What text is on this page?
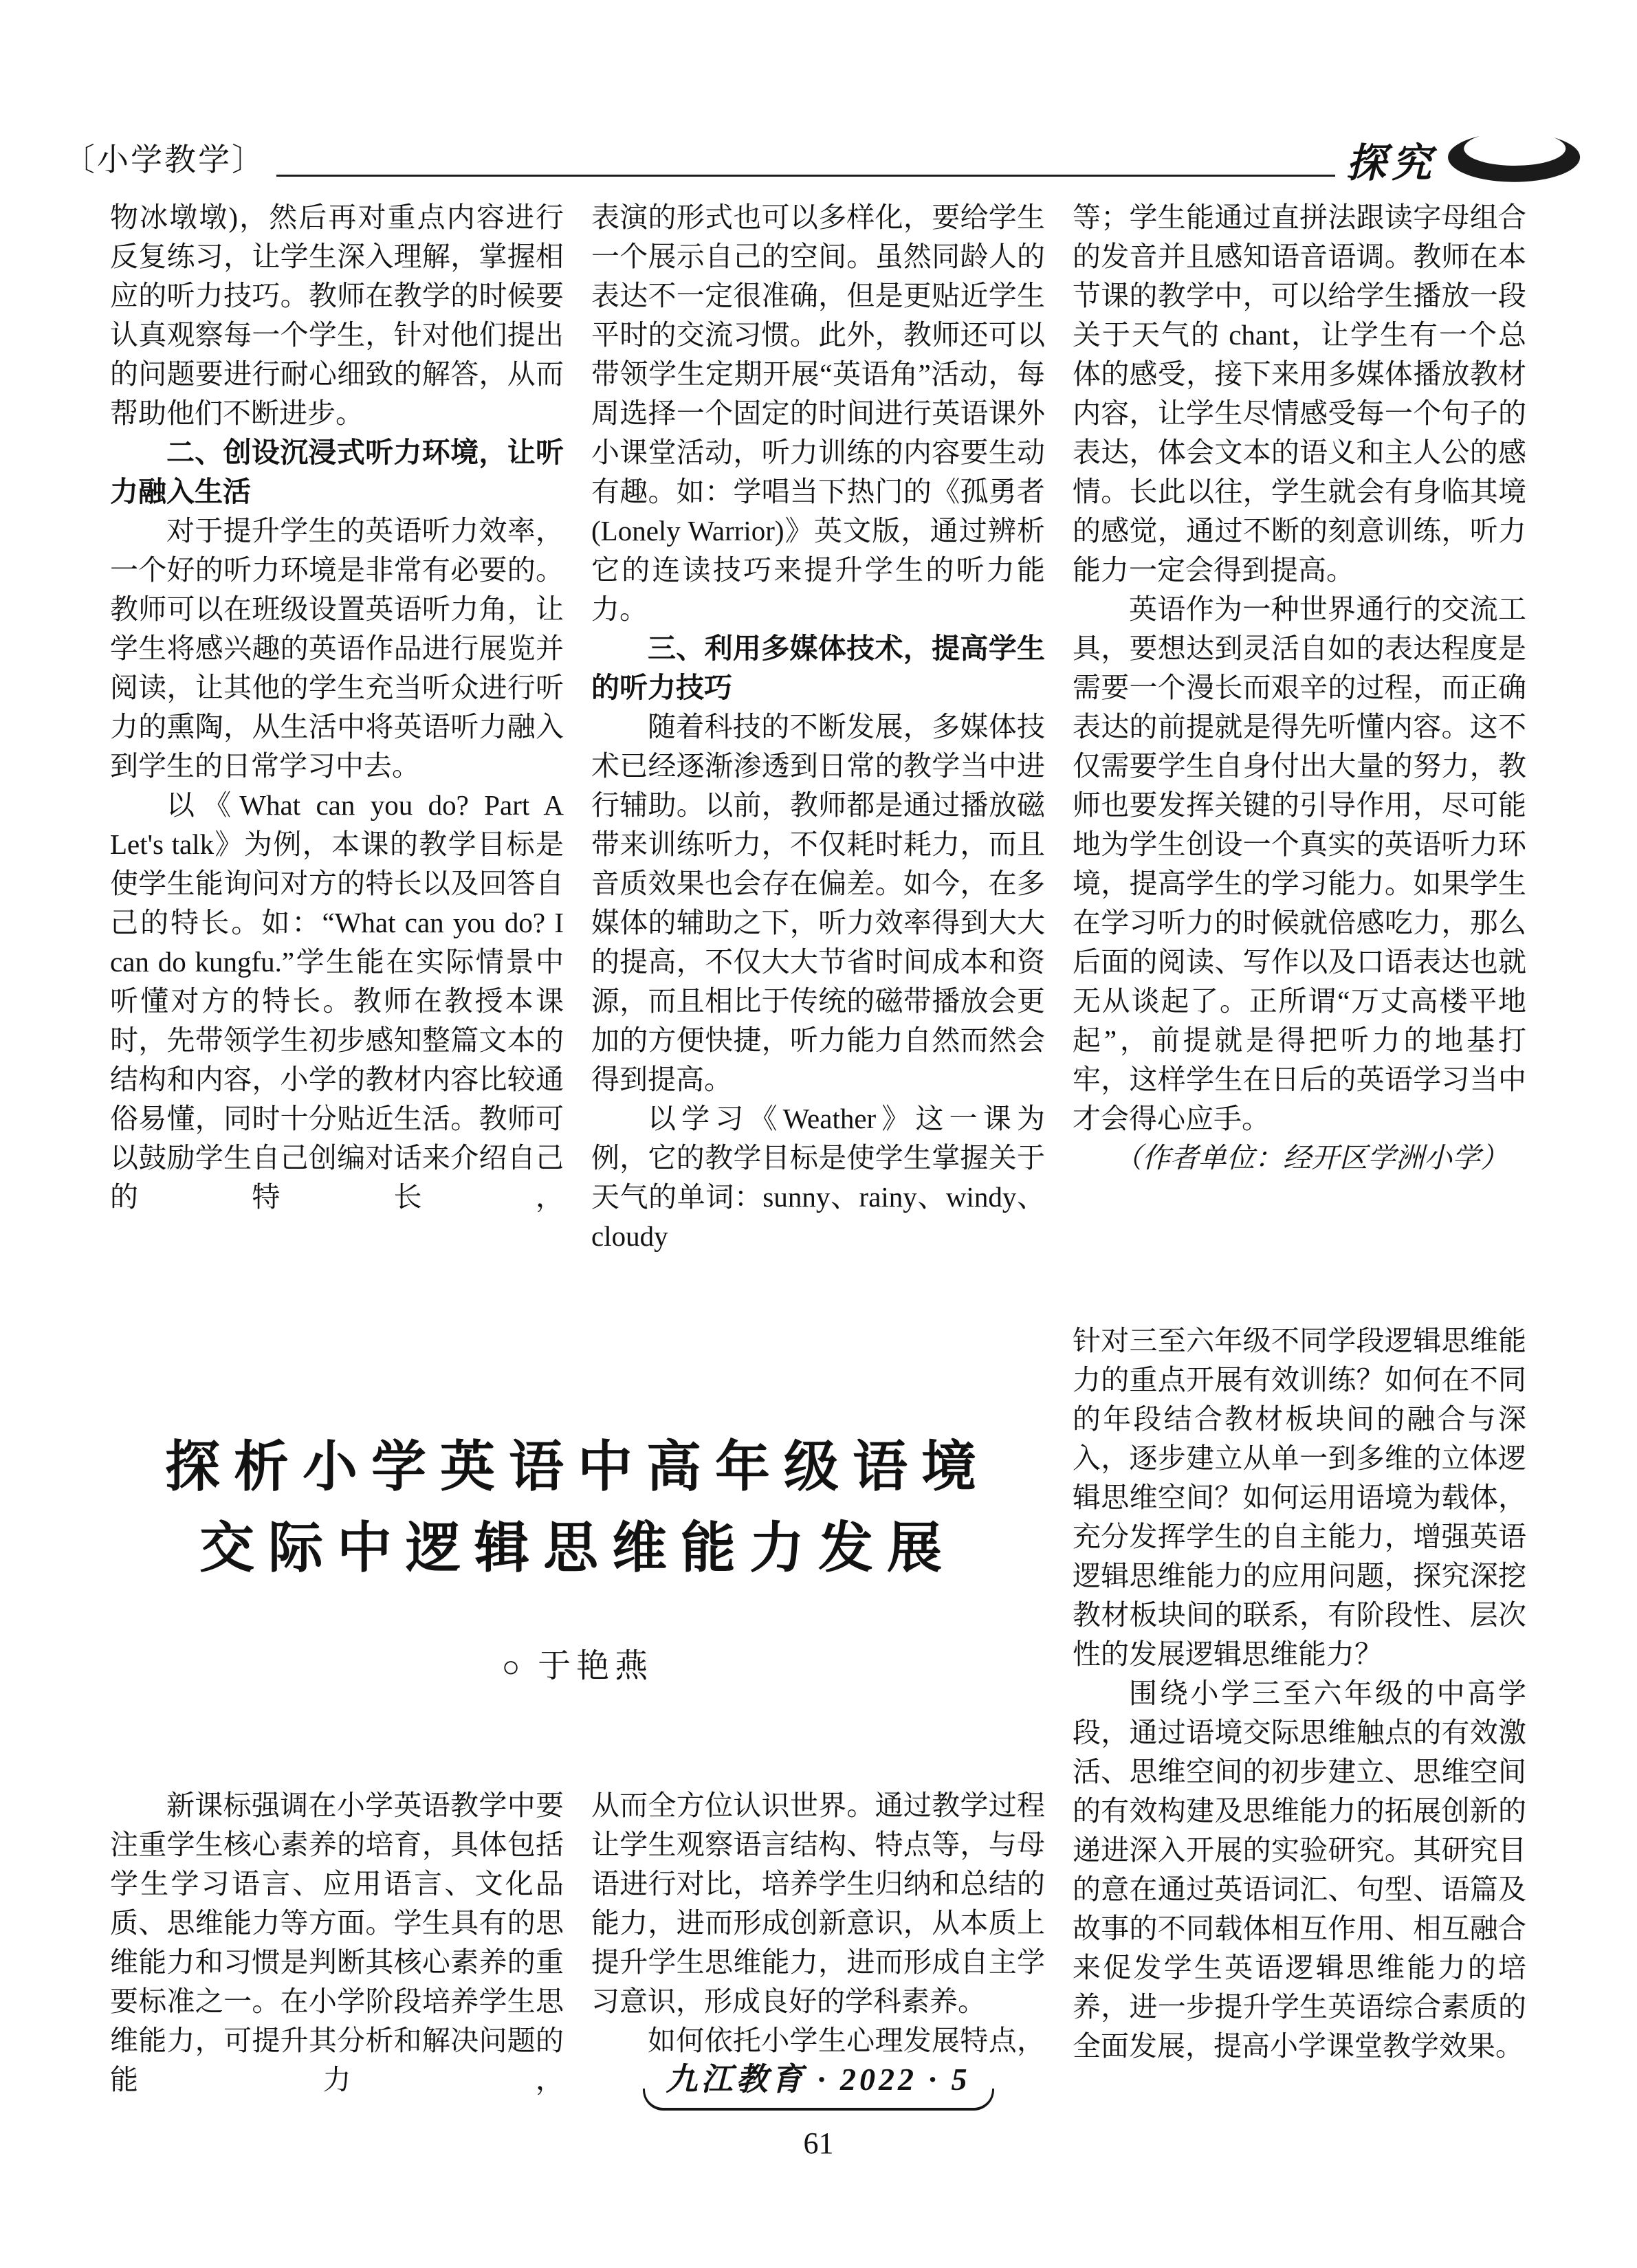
〔小学教学〕	探究

物冰墩墩)，然后再对重点内容进行反复练习，让学生深入理解，掌握相应的听力技巧。教师在教学的时候要认真观察每一个学生，针对他们提出的问题要进行耐心细致的解答，从而帮助他们不断进步。

二、创设沉浸式听力环境，让听力融入生活

对于提升学生的英语听力效率，一个好的听力环境是非常有必要的。教师可以在班级设置英语听力角，让学生将感兴趣的英语作品进行展览并阅读，让其他的学生充当听众进行听力的熏陶，从生活中将英语听力融入到学生的日常学习中去。

以《What can you do? Part A Let's talk》为例，本课的教学目标是使学生能询问对方的特长以及回答自己的特长。如：“What can you do? I can do kungfu.”学生能在实际情景中听懂对方的特长。教师在教授本课时，先带领学生初步感知整篇文本的结构和内容，小学的教材内容比较通俗易懂，同时十分贴近生活。教师可以鼓励学生自己创编对话来介绍自己的特长，

表演的形式也可以多样化，要给学生一个展示自己的空间。虽然同龄人的表达不一定很准确，但是更贴近学生平时的交流习惯。此外，教师还可以带领学生定期开展“英语角”活动，每周选择一个固定的时间进行英语课外小课堂活动，听力训练的内容要生动有趣。如：学唱当下热门的《孤勇者(Lonely Warrior)》英文版，通过辨析它的连读技巧来提升学生的听力能力。

三、利用多媒体技术，提高学生的听力技巧

随着科技的不断发展，多媒体技术已经逐渐渗透到日常的教学当中进行辅助。以前，教师都是通过播放磁带来训练听力，不仅耗时耗力，而且音质效果也会存在偏差。如今，在多媒体的辅助之下，听力效率得到大大的提高，不仅大大节省时间成本和资源，而且相比于传统的磁带播放会更加的方便快捷，听力能力自然而然会得到提高。

以学习《Weather》这一课为例，它的教学目标是使学生掌握关于天气的单词：sunny、rainy、windy、cloudy

等；学生能通过直拼法跟读字母组合的发音并且感知语音语调。教师在本节课的教学中，可以给学生播放一段关于天气的 chant，让学生有一个总体的感受，接下来用多媒体播放教材内容，让学生尽情感受每一个句子的表达，体会文本的语义和主人公的感情。长此以往，学生就会有身临其境的感觉，通过不断的刻意训练，听力能力一定会得到提高。

英语作为一种世界通行的交流工具，要想达到灵活自如的表达程度是需要一个漫长而艰辛的过程，而正确表达的前提就是得先听懂内容。这不仅需要学生自身付出大量的努力，教师也要发挥关键的引导作用，尽可能地为学生创设一个真实的英语听力环境，提高学生的学习能力。如果学生在学习听力的时候就倍感吃力，那么后面的阅读、写作以及口语表达也就无从谈起了。正所谓“万丈高楼平地起”，前提就是得把听力的地基打牢，这样学生在日后的英语学习当中才会得心应手。

（作者单位：经开区学洲小学）

探析小学英语中高年级语境
交际中逻辑思维能力发展
○ 于艳燕

新课标强调在小学英语教学中要注重学生核心素养的培育，具体包括学生学习语言、应用语言、文化品质、思维能力等方面。学生具有的思维能力和习惯是判断其核心素养的重要标准之一。在小学阶段培养学生思维能力，可提升其分析和解决问题的能力，

从而全方位认识世界。通过教学过程让学生观察语言结构、特点等，与母语进行对比，培养学生归纳和总结的能力，进而形成创新意识，从本质上提升学生思维能力，进而形成自主学习意识，形成良好的学科素养。

如何依托小学生心理发展特点，

针对三至六年级不同学段逻辑思维能力的重点开展有效训练？如何在不同的年段结合教材板块间的融合与深入，逐步建立从单一到多维的立体逻辑思维空间？如何运用语境为载体，充分发挥学生的自主能力，增强英语逻辑思维能力的应用问题，探究深挖教材板块间的联系，有阶段性、层次性的发展逻辑思维能力？

围绕小学三至六年级的中高学段，通过语境交际思维触点的有效激活、思维空间的初步建立、思维空间的有效构建及思维能力的拓展创新的递进深入开展的实验研究。其研究目的意在通过英语词汇、句型、语篇及故事的不同载体相互作用、相互融合来促发学生英语逻辑思维能力的培养，进一步提升学生英语综合素质的全面发展，提高小学课堂教学效果。

九江教育 · 2022 · 5
61
